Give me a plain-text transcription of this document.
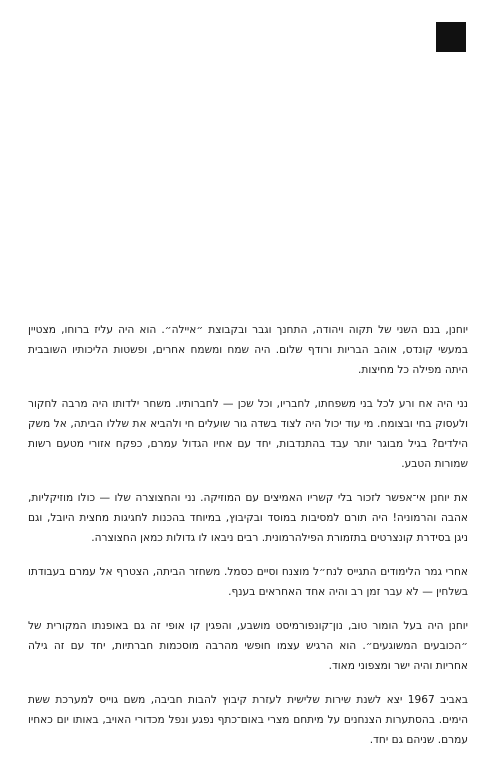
יוחנן, בנם השני של תקוה ויהודה, התחנך וגבר ובקבוצת ״איילה״. הוא היה עליז ברוחו, מצטיין במעשי קונדס, אוהב הבריות ורודף שלום. היה שמח ומשמח אחרים, ופשטות הליכותיו השובבית היתה מפילה כל מחיצות.

נני היה אח ורע לכל בני משפחתו, לחבריו, וכל שכן — לחברותיו. משחר ילדותו היה מרבה לחקור ולעסוק בחי ובצומח. מי עוד יכול היה לצוד בשדה גור שועלים חי ולהביא את שללו הביתה, אל משק הילדים? בגיל מבוגר יותר עבד בהתנדבות, יחד עם אחיו הגדול עמרם, כפקח אזורי מטעם רשות שמורות הטבע.

את יוחנן אי־אפשר לזכור בלי קשריו האמיצים עם המוזיקה. נני והחצוצרה שלו — כולו מוזיקליות, אהבה והרמוניה! היה תורם למסיבות במוסד ובקיבוץ, במיוחד בהכנות לחגיגות מחצית היובל, וגם ניגן בסידרת קונצרטים בתזמורת הפילהרמונית. רבים ניבאו לו גדולות כמאן החצוצרה.

אחרי גמר הלימודים התגייס לנח״ל מוצנח וסיים כסמל. משחזר הביתה, הצטרף אל עמרם בעבודתו בשלחין — לא עבר זמן רב והיה אחד האחראים בענף.

יוחנן היה בעל הומור טוב, נון־קונפורמיסט מושבע, והפגין קו אופי זה גם באופנתו המקורית של ״הכובעים המשוגעים״. הוא הרגיש עצמו חופשי מהרבה מוסכמות חברתיות, יחד עם זה גילה אחריות והיה ישר ומצפוני מאוד.

באביב 1967 יצא לשנת שירות שלישית לעזרת קיבוץ להבות חביבה, משם גוייס למערכת ששת הימים. בהסתערות הצנחנים על מיתחם מצרי באום־כתף נפגע ונפל מכדורי האויב, באותו יום כאחיו עמרם. שניהם גם יחד.
